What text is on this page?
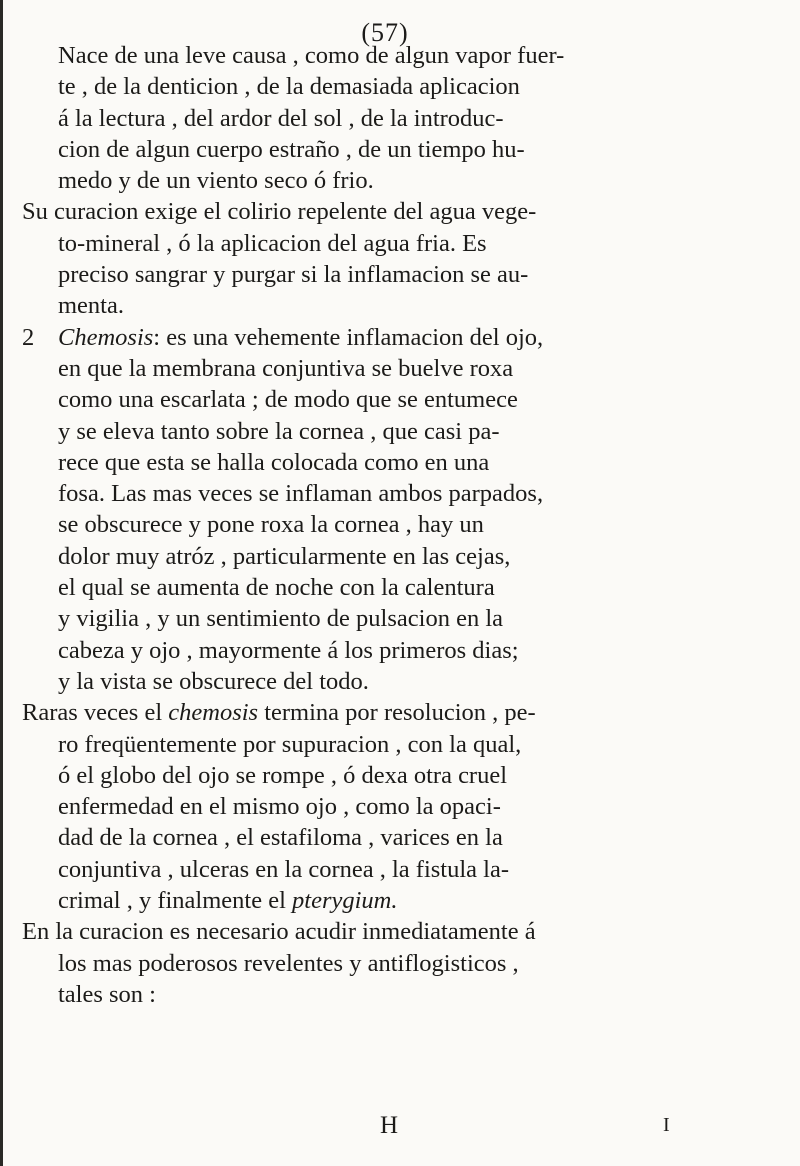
(57)

Nace de una leve causa , como de algun vapor fuer-
te , de la denticion , de la demasiada aplicacion
á la lectura , del ardor del sol , de la introduc-
cion de algun cuerpo estraño , de un tiempo hu-
medo y de un viento seco ó frio.

Su curacion exige el colirio repelente del agua vege-
to-mineral , ó la aplicacion del agua fria. Es
preciso sangrar y purgar si la inflamacion se au-
menta.

2 Chemosis: es una vehemente inflamacion del ojo,
en que la membrana conjuntiva se buelve roxa
como una escarlata ; de modo que se entumece
y se eleva tanto sobre la cornea , que casi pa-
rece que esta se halla colocada como en una
fosa. Las mas veces se inflaman ambos parpados,
se obscurece y pone roxa la cornea , hay un
dolor muy atróz , particularmente en las cejas,
el qual se aumenta de noche con la calentura
y vigilia , y un sentimiento de pulsacion en la
cabeza y ojo , mayormente á los primeros dias;
y la vista se obscurece del todo.

Raras veces el chemosis termina por resolucion , pe-
ro freqüentemente por supuracion , con la qual,
ó el globo del ojo se rompe , ó dexa otra cruel
enfermedad en el mismo ojo , como la opaci-
dad de la cornea , el estafiloma , varices en la
conjuntiva , ulceras en la cornea , la fistula la-
crimal , y finalmente el pterygium.

En la curacion es necesario acudir inmediatamente á
los mas poderosos revelentes y antiflogisticos ,
tales son :

H	I
